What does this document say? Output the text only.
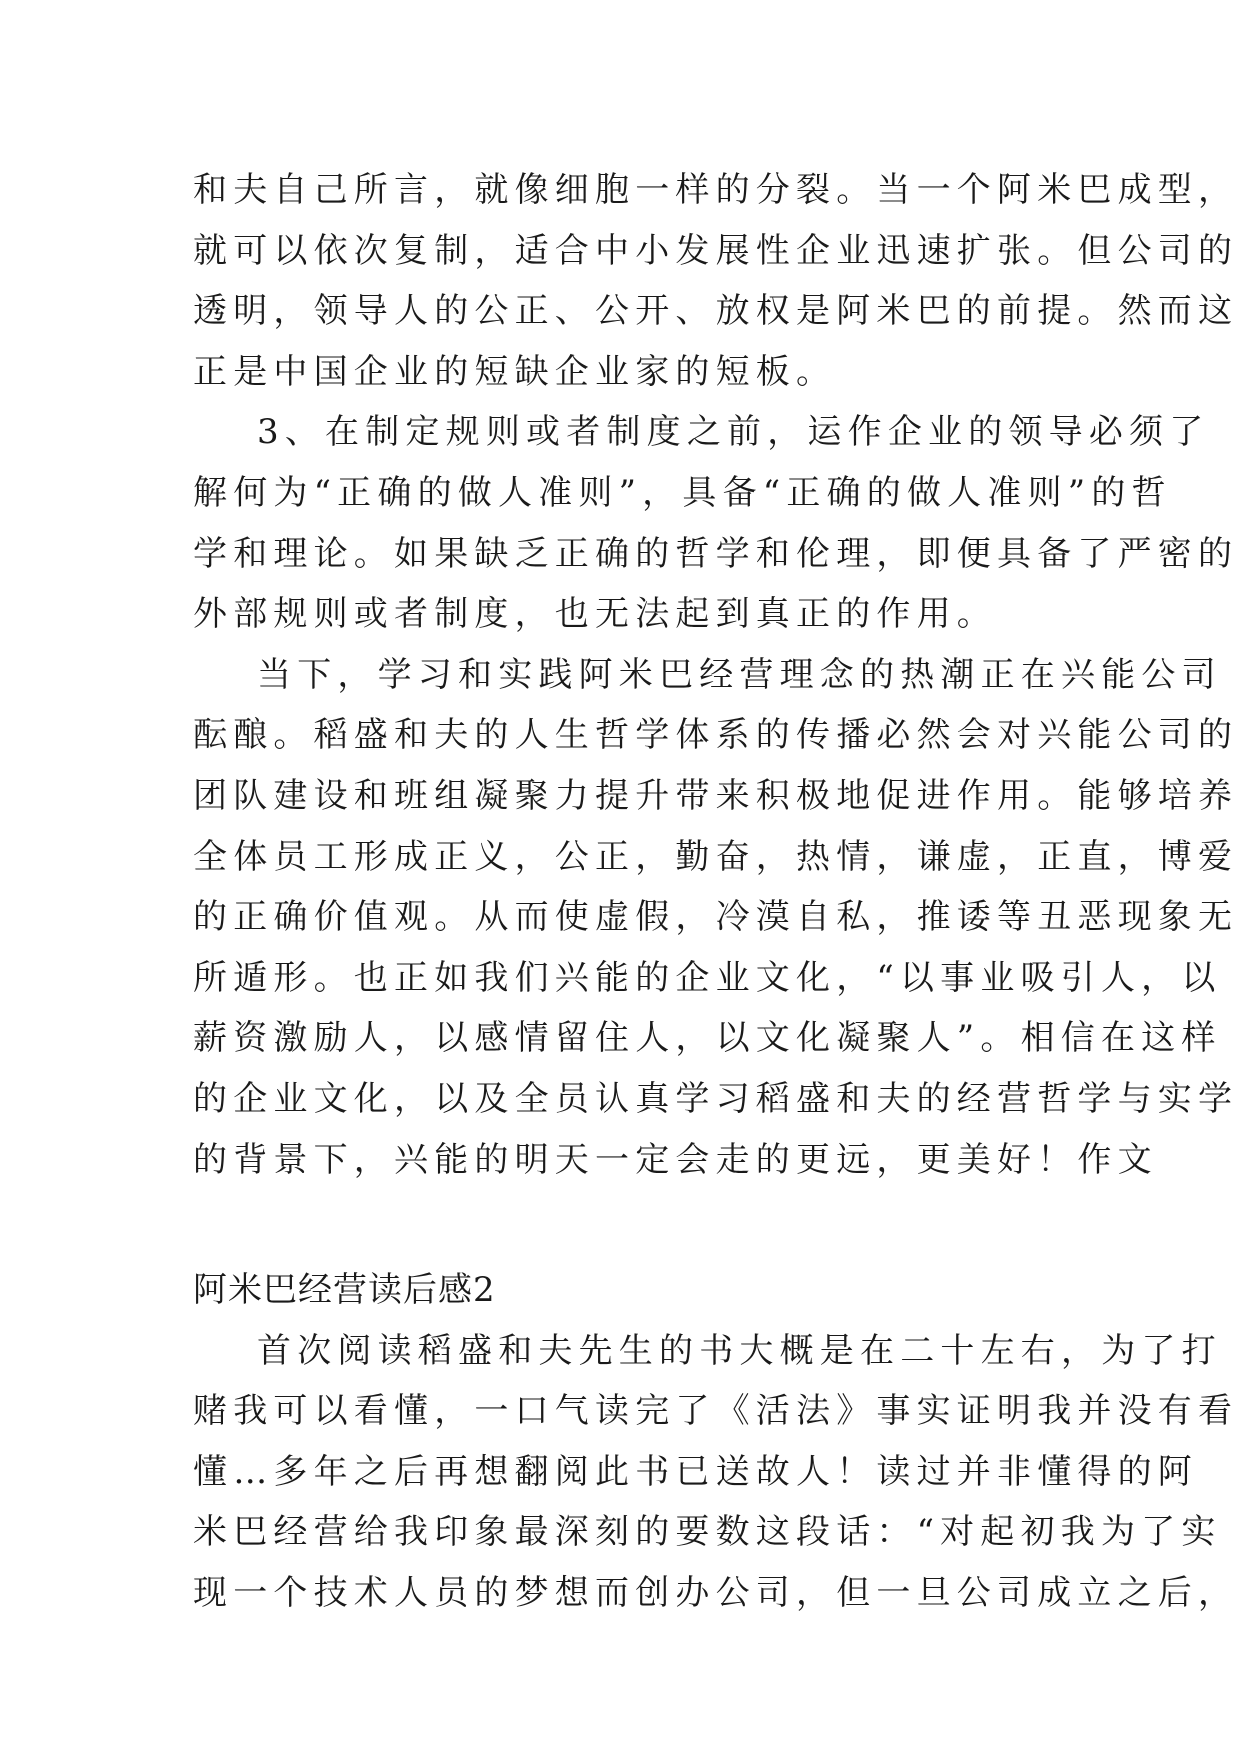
和夫自己所言，就像细胞一样的分裂。当一个阿米巴成型，
就可以依次复制，适合中小发展性企业迅速扩张。但公司的
透明，领导人的公正、公开、放权是阿米巴的前提。然而这
正是中国企业的短缺企业家的短板。
3、在制定规则或者制度之前，运作企业的领导必须了
解何为“正确的做人准则”，具备“正确的做人准则”的哲
学和理论。如果缺乏正确的哲学和伦理，即便具备了严密的
外部规则或者制度，也无法起到真正的作用。
当下，学习和实践阿米巴经营理念的热潮正在兴能公司
酝酿。稻盛和夫的人生哲学体系的传播必然会对兴能公司的
团队建设和班组凝聚力提升带来积极地促进作用。能够培养
全体员工形成正义，公正，勤奋，热情，谦虚，正直，博爱
的正确价值观。从而使虚假，冷漠自私，推诿等丑恶现象无
所遁形。也正如我们兴能的企业文化，“以事业吸引人，以
薪资激励人，以感情留住人，以文化凝聚人”。相信在这样
的企业文化，以及全员认真学习稻盛和夫的经营哲学与实学
的背景下，兴能的明天一定会走的更远，更美好！作文
阿米巴经营读后感2
首次阅读稻盛和夫先生的书大概是在二十左右，为了打
赌我可以看懂，一口气读完了《活法》事实证明我并没有看
懂…多年之后再想翻阅此书已送故人！读过并非懂得的阿
米巴经营给我印象最深刻的要数这段话：“对起初我为了实
现一个技术人员的梦想而创办公司，但一旦公司成立之后，
